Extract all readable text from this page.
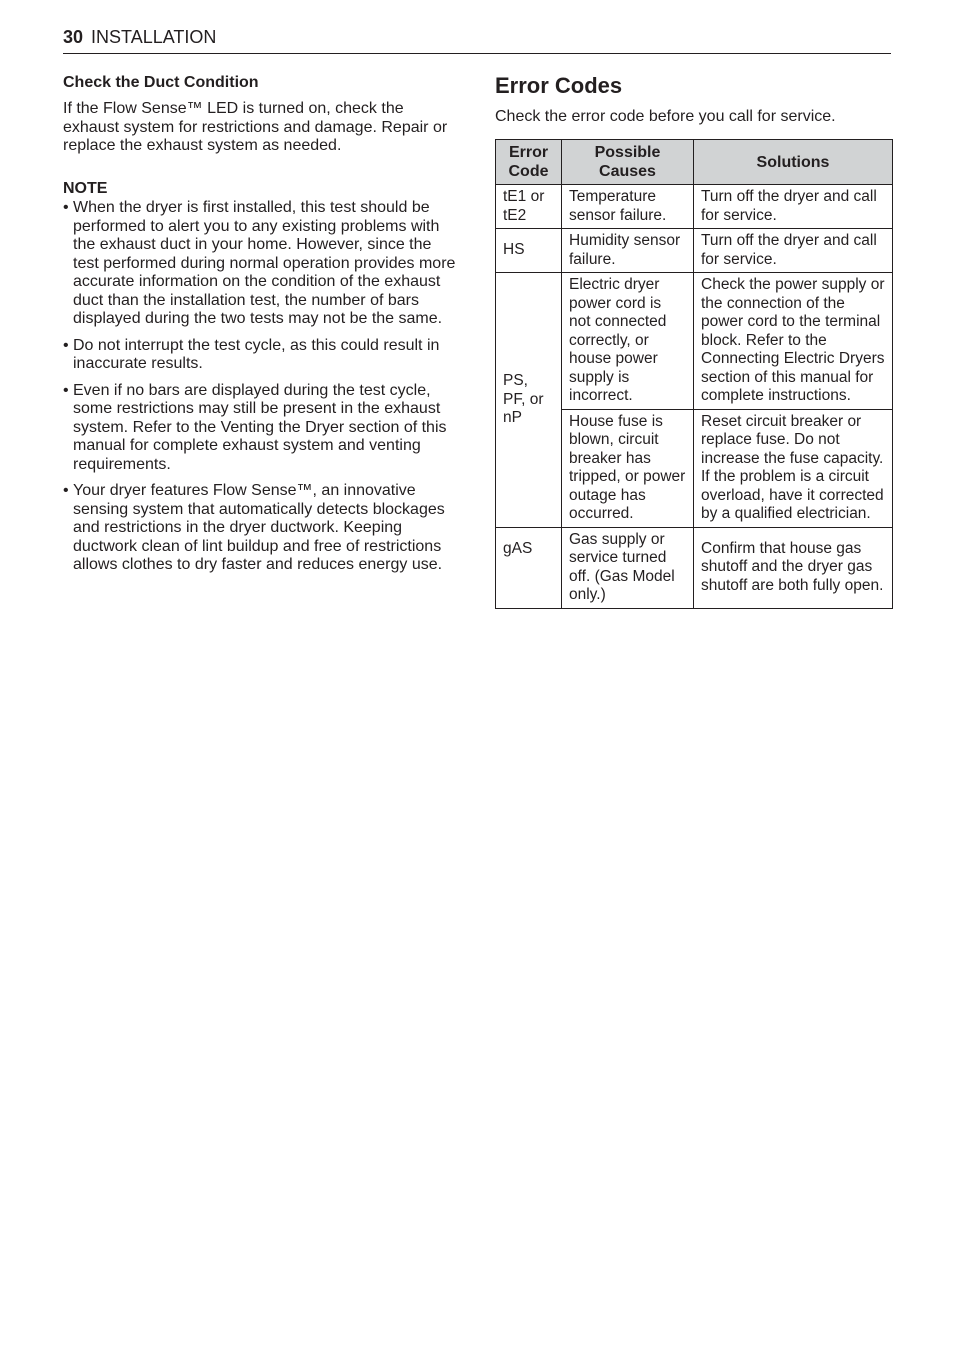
30 INSTALLATION

Check the Duct Condition

If the Flow Sense™ LED is turned on, check the exhaust system for restrictions and damage. Repair or replace the exhaust system as needed.

NOTE

• When the dryer is first installed, this test should be performed to alert you to any existing problems with the exhaust duct in your home. However, since the test performed during normal operation provides more accurate information on the condition of the exhaust duct than the installation test, the number of bars displayed during the two tests may not be the same.
• Do not interrupt the test cycle, as this could result in inaccurate results.
• Even if no bars are displayed during the test cycle, some restrictions may still be present in the exhaust system. Refer to the Venting the Dryer section of this manual for complete exhaust system and venting requirements.
• Your dryer features Flow Sense™, an innovative sensing system that automatically detects blockages and restrictions in the dryer ductwork. Keeping ductwork clean of lint buildup and free of restrictions allows clothes to dry faster and reduces energy use.
Error Codes

Check the error code before you call for service.

Error Code	Possible Causes	Solutions
tE1 or tE2	Temperature sensor failure.	Turn off the dryer and call for service.
HS	Humidity sensor failure.	Turn off the dryer and call for service.
PS, PF, or nP	Electric dryer power cord is not connected correctly, or house power supply is incorrect.	Check the power supply or the connection of the power cord to the terminal block. Refer to the Connecting Electric Dryers section of this manual for complete instructions.
	House fuse is blown, circuit breaker has tripped, or power outage has occurred.	Reset circuit breaker or replace fuse. Do not increase the fuse capacity. If the problem is a circuit overload, have it corrected by a qualified electrician.
gAS	Gas supply or service turned off. (Gas Model only.)	Confirm that house gas shutoff and the dryer gas shutoff are both fully open.
